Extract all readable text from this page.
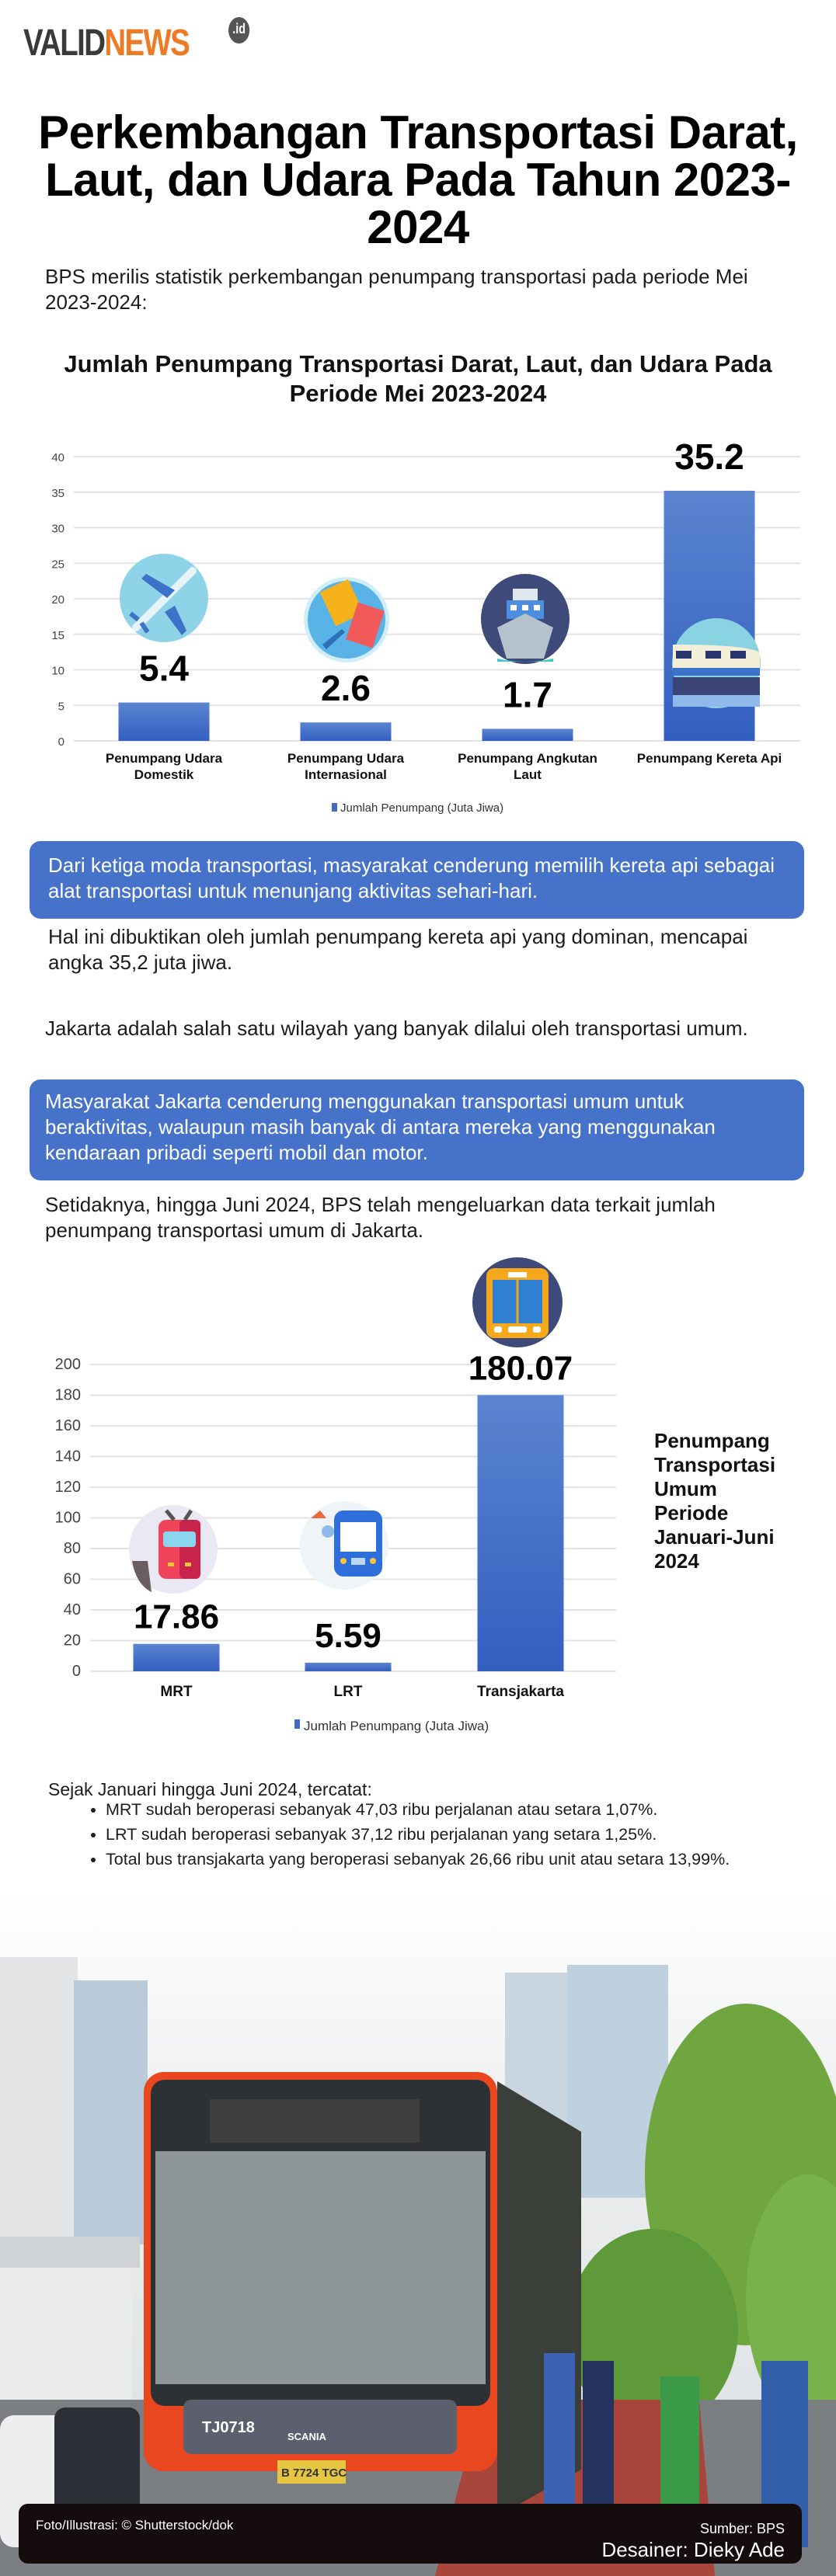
VALIDNEWS	.id
Perkembangan Transportasi Darat, Laut, dan Udara Pada Tahun 2023-2024
BPS merilis statistik perkembangan penumpang transportasi pada periode Mei 2023-2024:
Jumlah Penumpang Transportasi Darat, Laut, dan Udara Pada Periode Mei 2023-2024
0
5
10
15
20
25
30
35
40
5.4
Penumpang Udara
Domestik
2.6
Penumpang Udara
Internasional
1.7
Penumpang Angkutan
Laut
35.2
Penumpang Kereta Api
Jumlah Penumpang (Juta Jiwa)
Dari ketiga moda transportasi, masyarakat cenderung memilih kereta api sebagai alat transportasi untuk menunjang aktivitas sehari-hari.
Hal ini dibuktikan oleh jumlah penumpang kereta api yang dominan, mencapai angka 35,2 juta jiwa.
Jakarta adalah salah satu wilayah yang banyak dilalui oleh transportasi umum.
Masyarakat Jakarta cenderung menggunakan transportasi umum untuk beraktivitas, walaupun masih banyak di antara mereka yang menggunakan kendaraan pribadi seperti mobil dan motor.
Setidaknya, hingga Juni 2024, BPS telah mengeluarkan data terkait jumlah penumpang transportasi umum di Jakarta.
0
20
40
60
80
100
120
140
160
180
200
17.86
MRT
5.59
LRT
180.07
Transjakarta
Jumlah Penumpang (Juta Jiwa)
Penumpang
Transportasi
Umum
Periode
Januari-Juni
2024
Sejak Januari hingga Juni 2024, tercatat:
• MRT sudah beroperasi sebanyak 47,03 ribu perjalanan atau setara 1,07%.
• LRT sudah beroperasi sebanyak 37,12 ribu perjalanan yang setara 1,25%.
• Total bus transjakarta yang beroperasi sebanyak 26,66 ribu unit atau setara 13,99%.
TJ0718
SCANIA
B 7724 TGC
Foto/Illustrasi: © Shutterstock/dok	Sumber: BPS
Desainer: Dieky Ade
